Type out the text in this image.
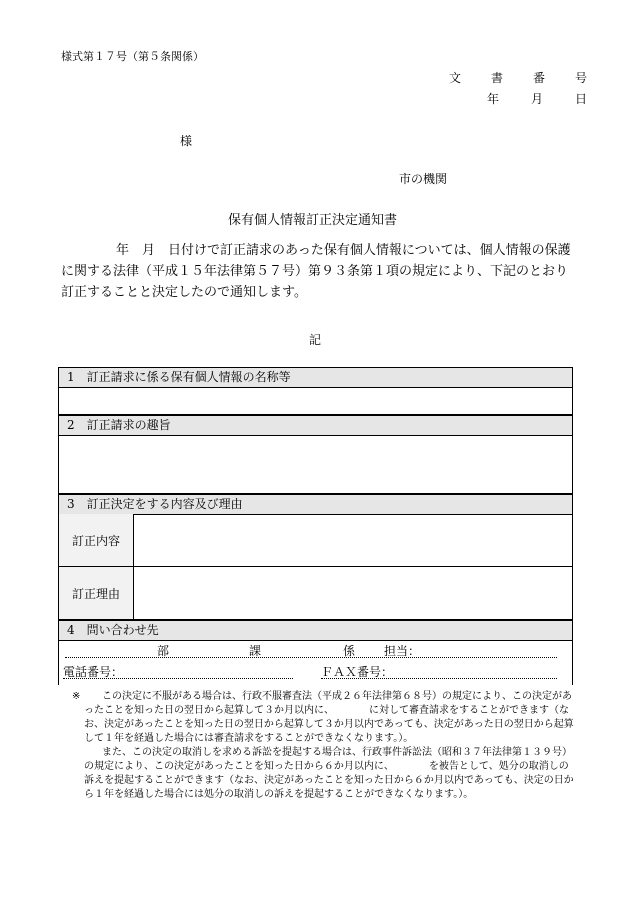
様式第１７号（第５条関係）
文　書　番　号
年　月　日
様
市の機関
保有個人情報訂正決定通知書
年　月　日付けで訂正請求のあった保有個人情報については、個人情報の保護に関する法律（平成１５年法律第５７号）第９３条第１項の規定により、下記のとおり訂正することと決定したので通知します。
記
1　訂正請求に係る保有個人情報の名称等
2　訂正請求の趣旨
3　訂正決定をする内容及び理由
訂正内容
訂正理由
4　問い合わせ先
部	課	係 担当：
電話番号：	ＦＡＸ番号：
※	この決定に不服がある場合は、行政不服審査法（平成２６年法律第６８号）の規定により、この決定があったことを知った日の翌日から起算して３か月以内に、　　　　に対して審査請求をすることができます（なお、決定があったことを知った日の翌日から起算して３か月以内であっても、決定があった日の翌日から起算して１年を経過した場合には審査請求をすることができなくなります。）。

また、この決定の取消しを求める訴訟を提起する場合は、行政事件訴訟法（昭和３７年法律第１３９号）の規定により、この決定があったことを知った日から６か月以内に、　　　　を被告として、処分の取消しの訴えを提起することができます（なお、決定があったことを知った日から６か月以内であっても、決定の日から１年を経過した場合には処分の取消しの訴えを提起することができなくなります。）。
